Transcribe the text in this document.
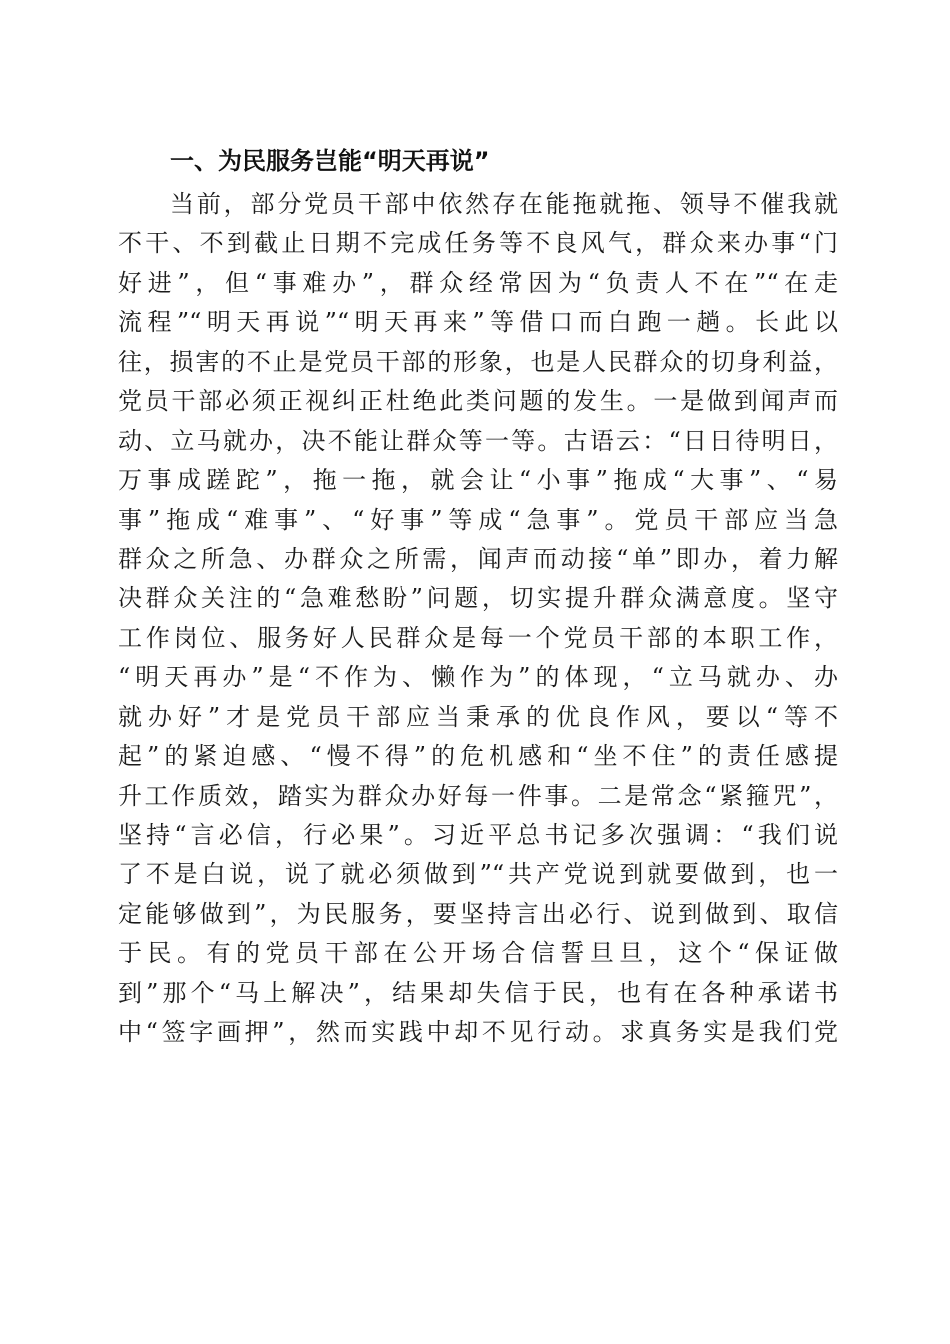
一、为民服务岂能“明天再说”
当前，部分党员干部中依然存在能拖就拖、领导不催我就
不干、不到截止日期不完成任务等不良风气，群众来办事“门
好进”，但“事难办”，群众经常因为“负责人不在”“在走
流程”“明天再说”“明天再来”等借口而白跑一趟。长此以
往，损害的不止是党员干部的形象，也是人民群众的切身利益，
党员干部必须正视纠正杜绝此类问题的发生。一是做到闻声而
动、立马就办，决不能让群众等一等。古语云：“日日待明日，
万事成蹉跎”，拖一拖，就会让“小事”拖成“大事”、“易
事”拖成“难事”、“好事”等成“急事”。党员干部应当急
群众之所急、办群众之所需，闻声而动接“单”即办，着力解
决群众关注的“急难愁盼”问题，切实提升群众满意度。坚守
工作岗位、服务好人民群众是每一个党员干部的本职工作，
“明天再办”是“不作为、懒作为”的体现，“立马就办、办
就办好”才是党员干部应当秉承的优良作风，要以“等不
起”的紧迫感、“慢不得”的危机感和“坐不住”的责任感提
升工作质效，踏实为群众办好每一件事。二是常念“紧箍咒”，
坚持“言必信，行必果”。习近平总书记多次强调：“我们说
了不是白说，说了就必须做到”“共产党说到就要做到，也一
定能够做到”，为民服务，要坚持言出必行、说到做到、取信
于民。有的党员干部在公开场合信誓旦旦，这个“保证做
到”那个“马上解决”，结果却失信于民，也有在各种承诺书
中“签字画押”，然而实践中却不见行动。求真务实是我们党
